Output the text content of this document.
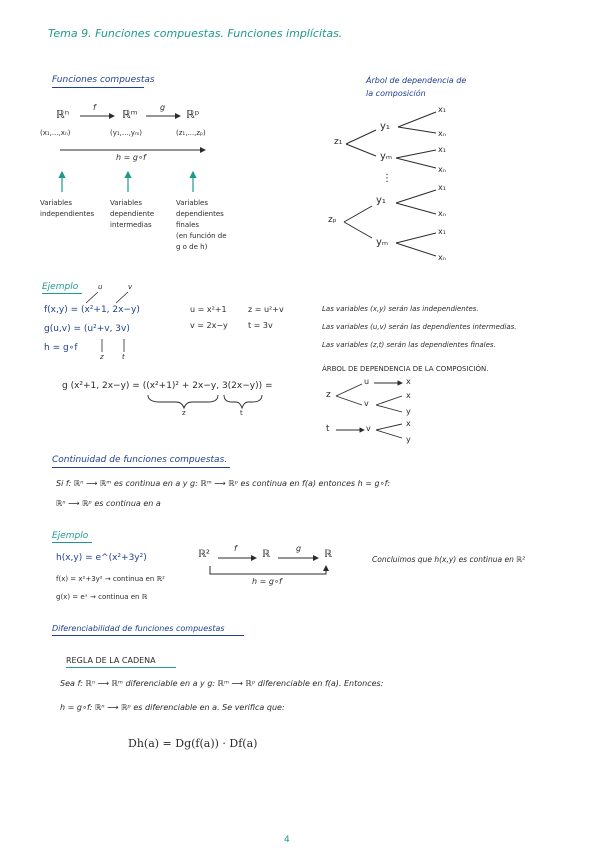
Tema 9. Funciones compuestas. Funciones implícitas.
Funciones compuestas
ℝⁿ
f
ℝᵐ
g
ℝᵖ
(x₁,...,xₙ)	(y₁,...,yₘ)	(z₁,...,zₚ)
h = g∘f
Variables
independientes
Variables
dependiente
intermedias
Variables
dependientes
finales
(en función de
g o de h)
Árbol de dependencia de
la composición
z₁
y₁
yₘ
x₁
xₙ
x₁
xₙ
⋮
zₚ
y₁
yₘ
x₁
xₙ
x₁
xₙ
Ejemplo	u	v
f(x,y) = (x²+1, 2x−y)
g(u,v) = (u²+v, 3v)
h = g∘f
z	t
u = x²+1
v = 2x−y
z = u²+v
t = 3v
g (x²+1, 2x−y) = ((x²+1)² + 2x−y, 3(2x−y)) =
z	t
Las variables (x,y) serán las independientes.
Las variables (u,v) serán las dependientes intermedias.
Las variables (z,t) serán las dependientes finales.
ÁRBOL DE DEPENDENCIA DE LA COMPOSICIÓN.
z
u
v
x
x
y
t	v
x
y
Continuidad de funciones compuestas.
Si f: ℝⁿ ⟶ ℝᵐ es continua en a y g: ℝᵐ ⟶ ℝᵖ es continua en f(a) entonces h = g∘f:
ℝⁿ ⟶ ℝᵖ es continua en a
Ejemplo
h(x,y) = e^(x²+3y²)
f(x) = x²+3y² → continua en ℝ²
g(x) = eˣ → continua en ℝ
ℝ²
f
ℝ
g
ℝ
h = g∘f
Concluimos que h(x,y) es continua en ℝ²
Diferenciabilidad de funciones compuestas
REGLA DE LA CADENA
Sea f: ℝⁿ ⟶ ℝᵐ diferenciable en a y g: ℝᵐ ⟶ ℝᵖ diferenciable en f(a). Entonces:
h = g∘f: ℝⁿ ⟶ ℝᵖ es diferenciable en a. Se verifica que:
Dh(a) = Dg(f(a)) · Df(a)
4
